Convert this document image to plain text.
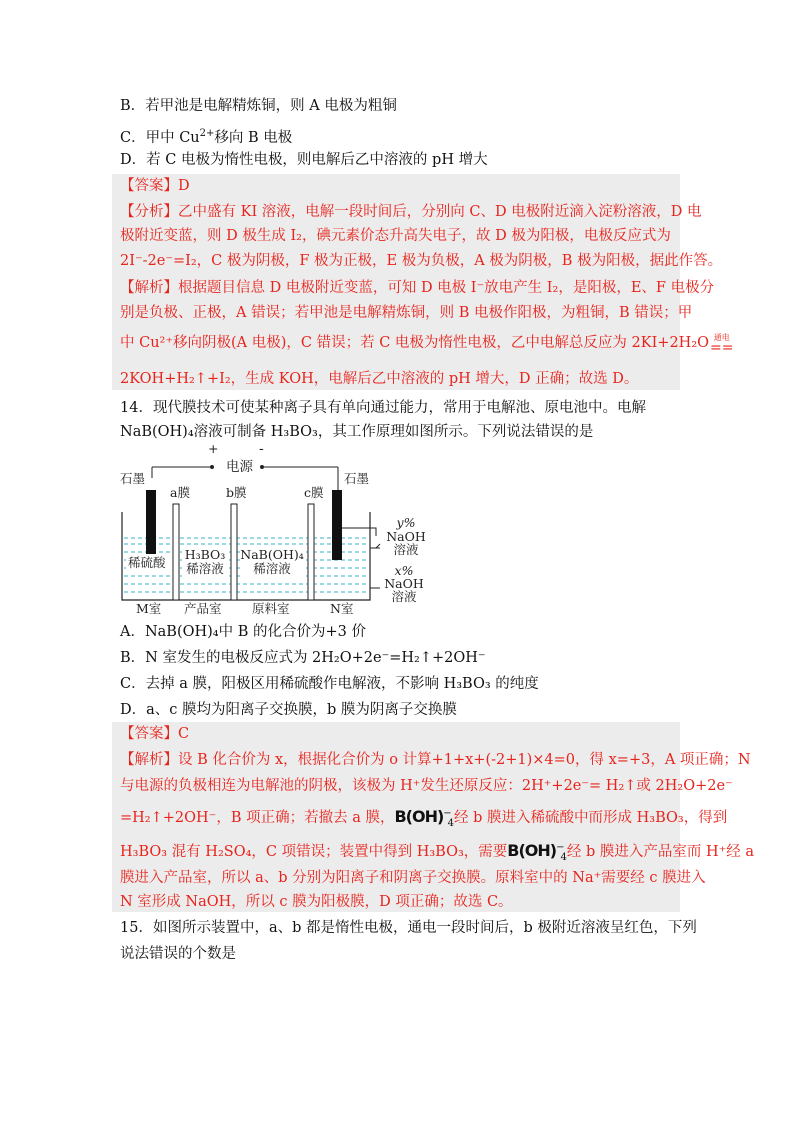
B．若甲池是电解精炼铜，则 A 电极为粗铜
C．甲中 $Cu^{2+}$移向 B 电极
D．若 C 电极为惰性电极，则电解后乙中溶液的 pH 增大
【答案】D
【分析】乙中盛有 KI 溶液，电解一段时间后，分别向 C、D 电极附近滴入淀粉溶液，D 电
极附近变蓝，则 D 极生成 I₂，碘元素价态升高失电子，故 D 极为阳极，电极反应式为
2I⁻-2e⁻=I₂，C 极为阴极，F 极为正极，E 极为负极，A 极为阴极，B 极为阳极，据此作答。
【解析】根据题目信息 D 电极附近变蓝，可知 D 电极 I⁻放电产生 I₂，是阳极，E、F 电极分
别是负极、正极，A 错误；若甲池是电解精炼铜，则 B 电极作阳极，为粗铜，B 错误；甲
中 Cu²⁺移向阴极(A 电极)，C 错误；若 C 电极为惰性电极，乙中电解总反应为 2KI+2H₂O 通电
==
2KOH+H₂↑+I₂，生成 KOH，电解后乙中溶液的 pH 增大，D 正确；故选 D。
14．现代膜技术可使某种离子具有单向通过能力，常用于电解池、原电池中。电解
NaB(OH)₄溶液可制备 H₃BO₃，其工作原理如图所示。下列说法错误的是
+	-
电源
石墨	石墨
a膜	b膜	c膜
稀硫酸
H₃BO₃
稀溶液
NaB(OH)₄
稀溶液
y%
NaOH
溶液
x%
NaOH
溶液
M室 产品室 原料室	N室
A．NaB(OH)₄中 B 的化合价为+3 价
B．N 室发生的电极反应式为 2H₂O+2e⁻=H₂↑+2OH⁻
C．去掉 a 膜，阳极区用稀硫酸作电解液，不影响 H₃BO₃ 的纯度
D．a、c 膜均为阳离子交换膜，b 膜为阴离子交换膜
【答案】C
【解析】设 B 化合价为 x，根据化合价为 o 计算+1+x+(-2+1)×4=0，得 x=+3，A 项正确；N
与电源的负极相连为电解池的阴极，该极为 H⁺发生还原反应：2H⁺+2e⁻= H₂↑或 2H₂O+2e⁻
=H₂↑+2OH⁻，B 项正确；若撤去 a 膜，$B(OH)^-_4$经 b 膜进入稀硫酸中而形成 H₃BO₃，得到
H₃BO₃ 混有 H₂SO₄，C 项错误；装置中得到 H₃BO₃，需要$B(OH)^-_4$经 b 膜进入产品室而 H⁺经 a
膜进入产品室，所以 a、b 分别为阳离子和阴离子交换膜。原料室中的 Na⁺需要经 c 膜进入
N 室形成 NaOH，所以 c 膜为阳极膜，D 项正确；故选 C。
15．如图所示装置中，a、b 都是惰性电极，通电一段时间后，b 极附近溶液呈红色，下列
说法错误的个数是
